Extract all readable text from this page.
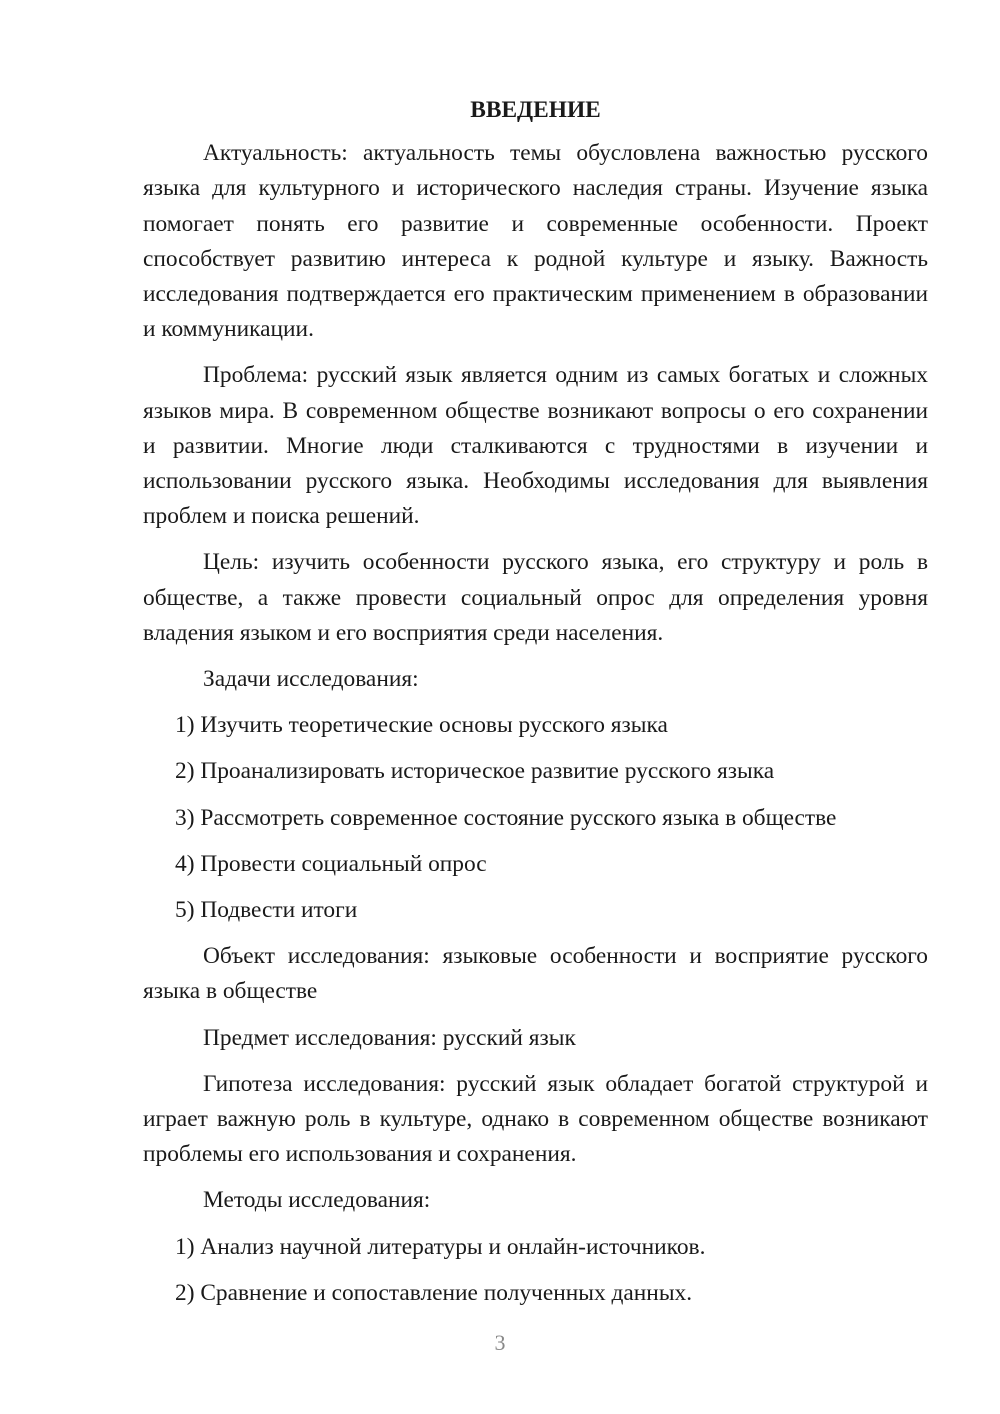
ВВЕДЕНИЕ

Актуальность: актуальность темы обусловлена важностью русского языка для культурного и исторического наследия страны. Изучение языка помогает понять его развитие и современные особенности. Проект способствует развитию интереса к родной культуре и языку. Важность исследования подтверждается его практическим применением в образовании и коммуникации.

Проблема: русский язык является одним из самых богатых и сложных языков мира. В современном обществе возникают вопросы о его сохранении и развитии. Многие люди сталкиваются с трудностями в изучении и использовании русского языка. Необходимы исследования для выявления проблем и поиска решений.

Цель: изучить особенности русского языка, его структуру и роль в обществе, а также провести социальный опрос для определения уровня владения языком и его восприятия среди населения.

Задачи исследования:

1) Изучить теоретические основы русского языка

2) Проанализировать историческое развитие русского языка

3) Рассмотреть современное состояние русского языка в обществе

4) Провести социальный опрос

5) Подвести итоги

Объект исследования: языковые особенности и восприятие русского языка в обществе

Предмет исследования: русский язык

Гипотеза исследования: русский язык обладает богатой структурой и играет важную роль в культуре, однако в современном обществе возникают проблемы его использования и сохранения.

Методы исследования:

1) Анализ научной литературы и онлайн-источников.

2) Сравнение и сопоставление полученных данных.

3
